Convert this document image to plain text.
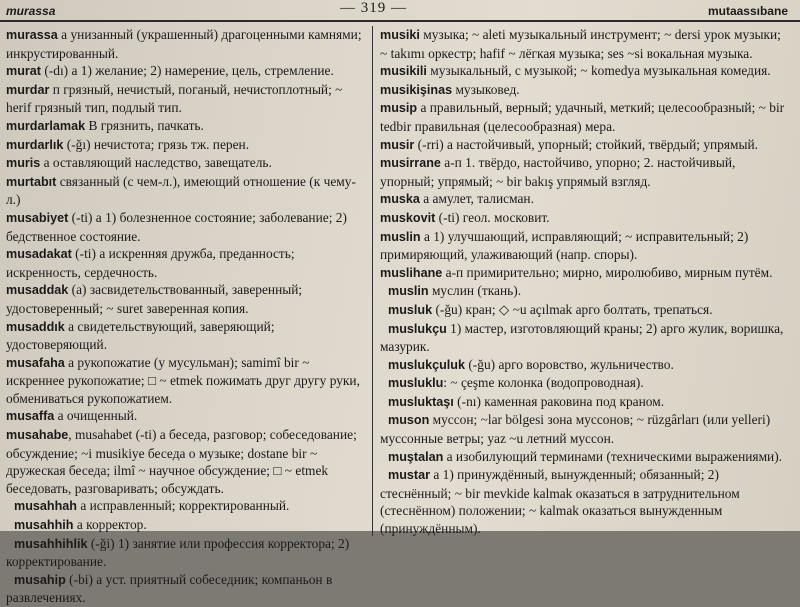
murassa	— 319 —	mutaassıbane

murassa а унизанный (украшенный) драгоценными камнями; инкрустированный.

murat (-dı) а 1) желание; 2) намерение, цель, стремление.

murdar п грязный, нечистый, поганый, нечистоплотный; ~ herif грязный тип, подлый тип.

murdarlamak В грязнить, пачкать.

murdarlık (-ğı) нечистота; грязь тж. перен.

muris а оставляющий наследство, завещатель.

murtabıt связанный (с чем-л.), имеющий отношение (к чему-л.)

musabiyet (-ti) а 1) болезненное состояние; заболевание; 2) бедственное состояние.

musadakat (-ti) а искренняя дружба, преданность; искренность, сердечность.

musaddak (а) засвидетельствованный, заверенный; удостоверенный; ~ suret заверенная копия.

musaddık а свидетельствующий, заверяющий; удостоверяющий.

musafaha а рукопожатие (у мусульман); samimî bir ~ искреннее рукопожатие; □ ~ etmek пожимать друг другу руки, обмениваться рукопожатием.

musaffa а очищенный.

musahabe, musahabet (-ti) а беседа, разговор; собеседование; обсуждение; ~i musikiye беседа о музыке; dostane bir ~ дружеская беседа; ilmî ~ научное обсуждение; □ ~ etmek беседовать, разговаривать; обсуждать.

musahhah а исправленный; корректированный.

musahhih а корректор.

musahhihlik (-ği) 1) занятие или профессия корректора; 2) корректирование.

musahip (-bi) а уст. приятный собеседник; компаньон в развлечениях.

musiki музыка; ~ aleti музыкальный инструмент; ~ dersi урок музыки; ~ takımı оркестр; hafif ~ лёгкая музыка; ses ~si вокальная музыка.

musikili музыкальный, с музыкой; ~ komedya музыкальная комедия.

musikişinas музыковед.

musip а правильный, верный; удачный, меткий; целесообразный; ~ bir tedbir правильная (целесообразная) мера.

musir (-rri) а настойчивый, упорный; стойкий, твёрдый; упрямый.

musirrane а-п 1. твёрдо, настойчиво, упорно; 2. настойчивый, упорный; упрямый; ~ bir bakış упрямый взгляд.

muska а амулет, талисман.

muskovit (-ti) геол. московит.

muslin а 1) улучшающий, исправляющий; ~ исправительный; 2) примиряющий, улаживающий (напр. споры).

muslihane а-п примирительно; мирно, миролюбиво, мирным путём.

muslin муслин (ткань).

musluk (-ğu) кран; ◇ ~u açılmak арго болтать, трепаться.

muslukçu 1) мастер, изготовляющий краны; 2) арго жулик, воришка, мазурик.

muslukçuluk (-ğu) арго воровство, жульничество.

musluklu: ~ çeşme колонка (водопроводная).

musluktaşı (-nı) каменная раковина под краном.

muson муссон; ~lar bölgesi зона муссонов; ~ rüzgârları (или yelleri) муссонные ветры; yaz ~u летний муссон.

muştalan а изобилующий терминами (техническими выражениями).

mustar а 1) принуждённый, вынужденный; обязанный; 2) стеснённый; ~ bir mevkide kalmak оказаться в затруднительном (стеснённом) положении; ~ kalmak оказаться вынужденным (принуждённым).
